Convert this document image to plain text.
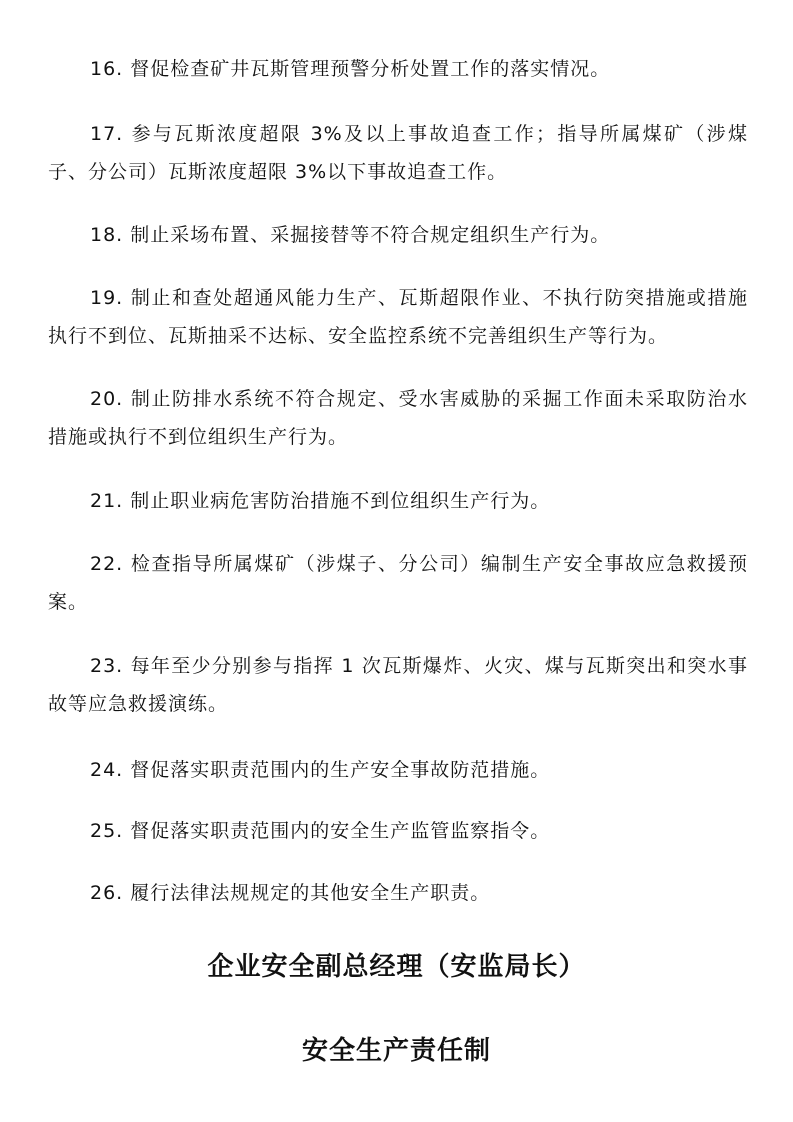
16. 督促检查矿井瓦斯管理预警分析处置工作的落实情况。

17. 参与瓦斯浓度超限 3%及以上事故追查工作；指导所属煤矿（涉煤子、分公司）瓦斯浓度超限 3%以下事故追查工作。

18. 制止采场布置、采掘接替等不符合规定组织生产行为。

19. 制止和查处超通风能力生产、瓦斯超限作业、不执行防突措施或措施执行不到位、瓦斯抽采不达标、安全监控系统不完善组织生产等行为。

20. 制止防排水系统不符合规定、受水害威胁的采掘工作面未采取防治水措施或执行不到位组织生产行为。

21. 制止职业病危害防治措施不到位组织生产行为。

22. 检查指导所属煤矿（涉煤子、分公司）编制生产安全事故应急救援预案。

23. 每年至少分别参与指挥 1 次瓦斯爆炸、火灾、煤与瓦斯突出和突水事故等应急救援演练。

24. 督促落实职责范围内的生产安全事故防范措施。

25. 督促落实职责范围内的安全生产监管监察指令。

26. 履行法律法规规定的其他安全生产职责。

企业安全副总经理（安监局长）
安全生产责任制
